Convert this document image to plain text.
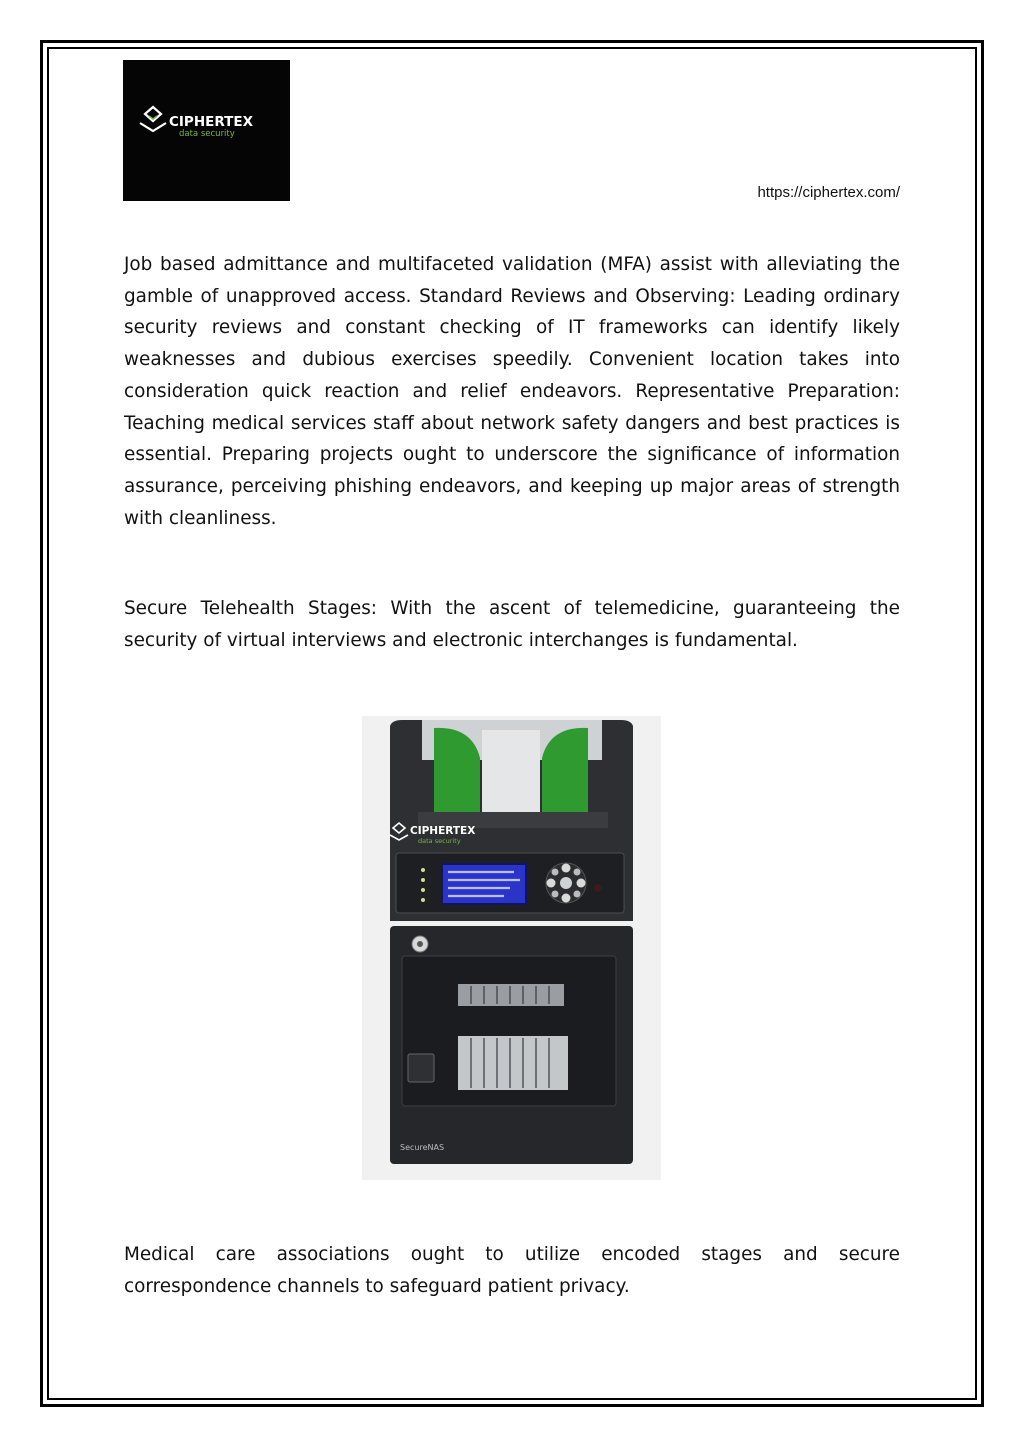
CIPHERTEX
data security
https://ciphertex.com/

Job based admittance and multifaceted validation (MFA) assist with alleviating the gamble of unapproved access. Standard Reviews and Observing: Leading ordinary security reviews and constant checking of IT frameworks can identify likely weaknesses and dubious exercises speedily. Convenient location takes into consideration quick reaction and relief endeavors. Representative Preparation: Teaching medical services staff about network safety dangers and best practices is essential. Preparing projects ought to underscore the significance of information assurance, perceiving phishing endeavors, and keeping up major areas of strength with cleanliness.

Secure Telehealth Stages: With the ascent of telemedicine, guaranteeing the security of virtual interviews and electronic interchanges is fundamental.

CIPHERTEX
data security
SecureNAS

Medical care associations ought to utilize encoded stages and secure correspondence channels to safeguard patient privacy.
